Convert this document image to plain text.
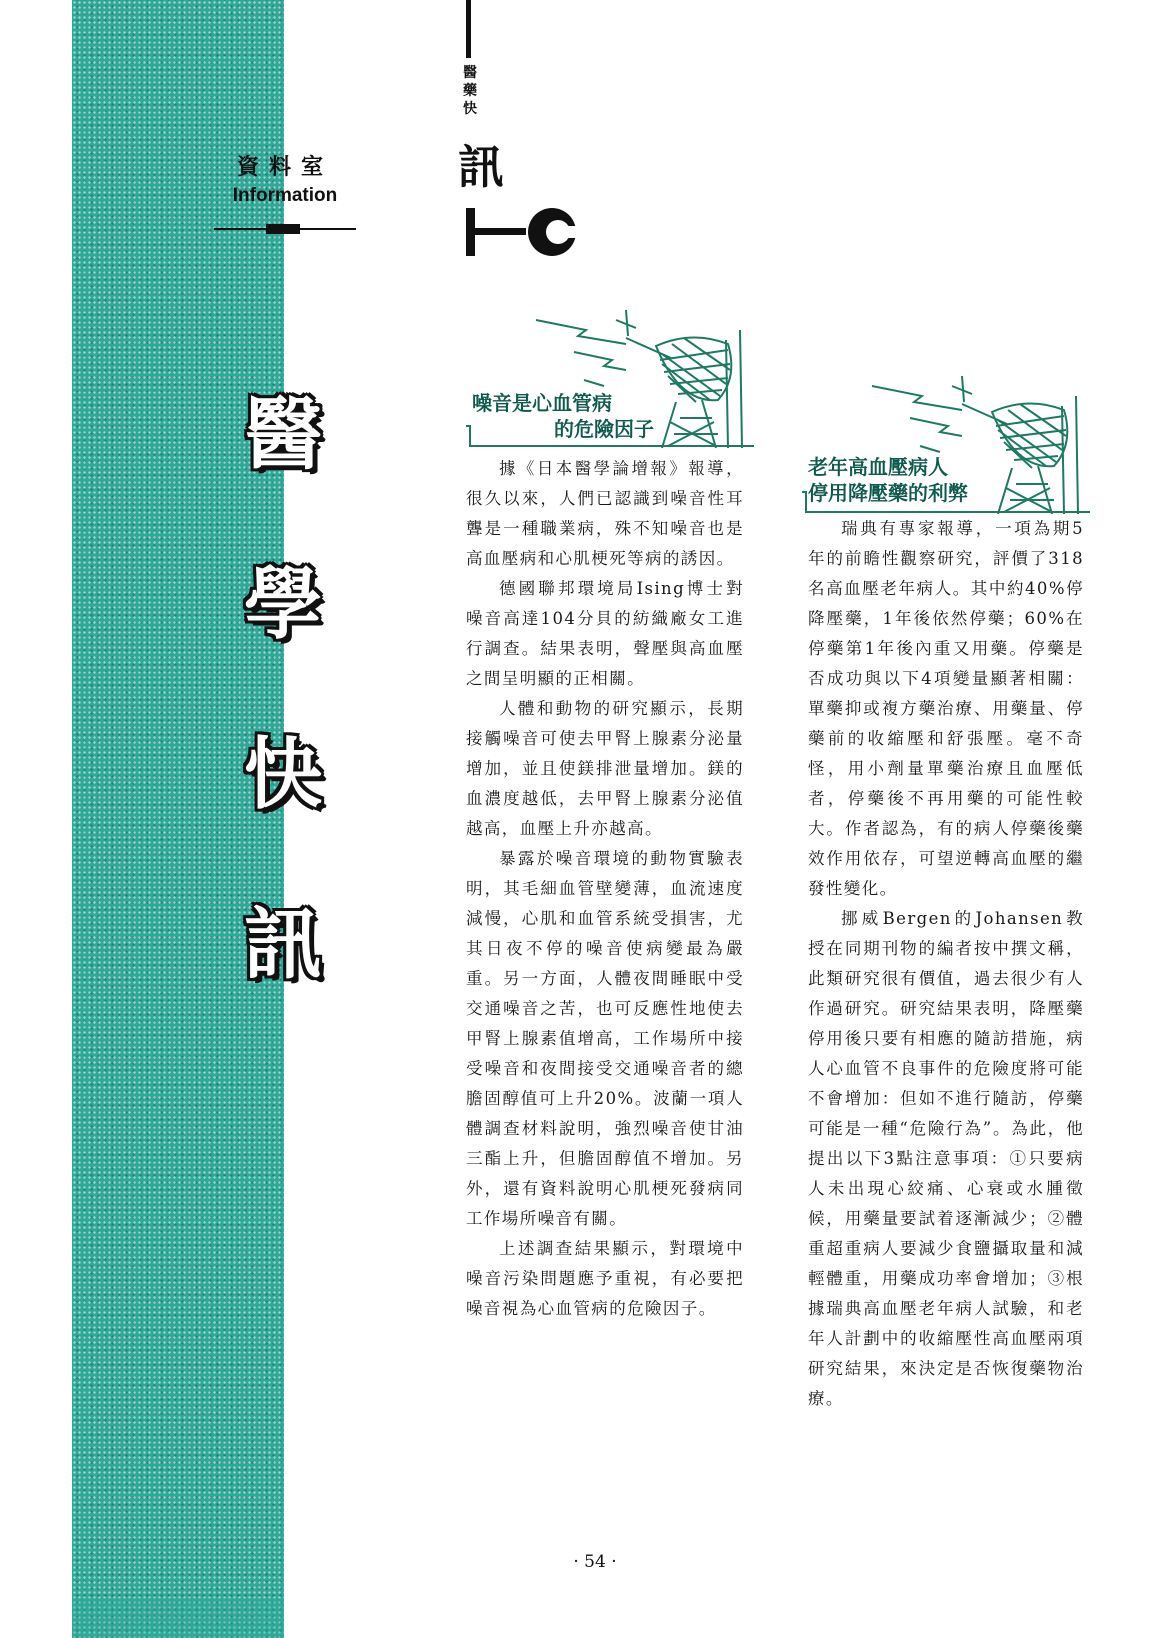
資料室
Information
醫
學
快
訊
醫藥快
訊
噪音是心血管病
的危險因子
老年高血壓病人
停用降壓藥的利弊

據《日本醫學論增報》報導，很久以來，人們已認識到噪音性耳聾是一種職業病，殊不知噪音也是高血壓病和心肌梗死等病的誘因。

德國聯邦環境局Ising博士對噪音高達104分貝的紡織廠女工進行調查。結果表明，聲壓與高血壓之間呈明顯的正相關。

人體和動物的研究顯示，長期接觸噪音可使去甲腎上腺素分泌量增加，並且使鎂排泄量增加。鎂的血濃度越低，去甲腎上腺素分泌值越高，血壓上升亦越高。

暴露於噪音環境的動物實驗表明，其毛細血管壁變薄，血流速度減慢，心肌和血管系統受損害，尤其日夜不停的噪音使病變最為嚴重。另一方面，人體夜間睡眠中受交通噪音之苦，也可反應性地使去甲腎上腺素值增高，工作場所中接受噪音和夜間接受交通噪音者的總膽固醇值可上升20%。波蘭一項人體調查材料說明，強烈噪音使甘油三酯上升，但膽固醇值不增加。另外，還有資料說明心肌梗死發病同工作場所噪音有關。

上述調查結果顯示，對環境中噪音污染問題應予重視，有必要把噪音視為心血管病的危險因子。

瑞典有專家報導，一項為期5年的前瞻性觀察研究，評價了318名高血壓老年病人。其中約40%停降壓藥，1年後依然停藥；60%在停藥第1年後內重又用藥。停藥是否成功與以下4項變量顯著相關：單藥抑或複方藥治療、用藥量、停藥前的收縮壓和舒張壓。毫不奇怪，用小劑量單藥治療且血壓低者，停藥後不再用藥的可能性較大。作者認為，有的病人停藥後藥效作用依存，可望逆轉高血壓的繼發性變化。

挪威Bergen的Johansen教授在同期刊物的編者按中撰文稱，此類研究很有價值，過去很少有人作過研究。研究結果表明，降壓藥停用後只要有相應的隨訪措施，病人心血管不良事件的危險度將可能不會增加：但如不進行隨訪，停藥可能是一種“危險行為”。為此，他提出以下3點注意事項：①只要病人未出現心絞痛、心衰或水腫徵候，用藥量要試着逐漸減少；②體重超重病人要減少食鹽攝取量和減輕體重，用藥成功率會增加；③根據瑞典高血壓老年病人試驗，和老年人計劃中的收縮壓性高血壓兩項研究結果，來決定是否恢復藥物治療。

· 54 ·
